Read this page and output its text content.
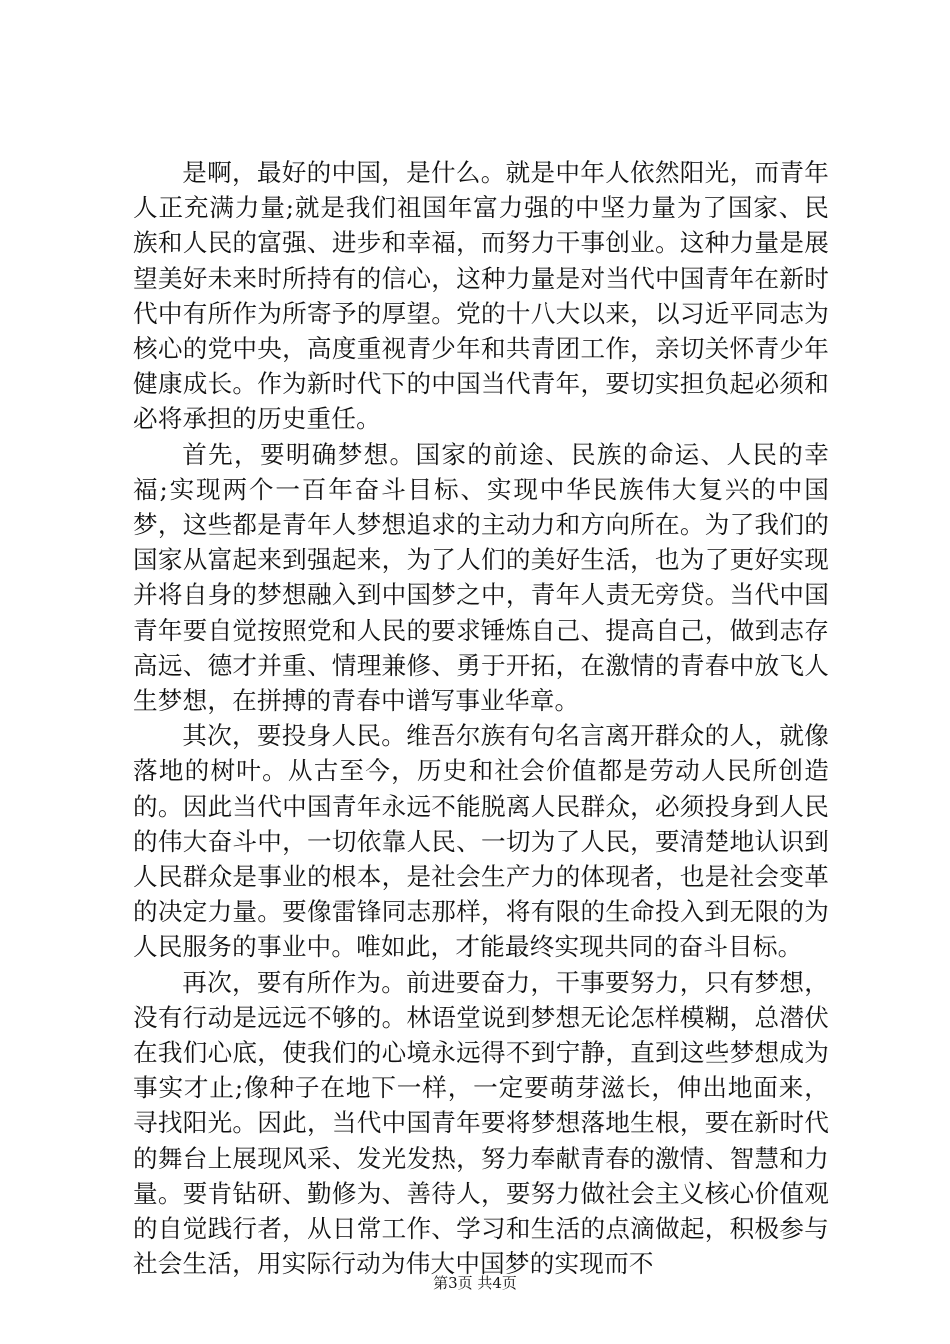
是啊，最好的中国，是什么。就是中年人依然阳光，而青年人正充满力量;就是我们祖国年富力强的中坚力量为了国家、民族和人民的富强、进步和幸福，而努力干事创业。这种力量是展望美好未来时所持有的信心，这种力量是对当代中国青年在新时代中有所作为所寄予的厚望。党的十八大以来，以习近平同志为核心的党中央，高度重视青少年和共青团工作，亲切关怀青少年健康成长。作为新时代下的中国当代青年，要切实担负起必须和必将承担的历史重任。

首先，要明确梦想。国家的前途、民族的命运、人民的幸福;实现两个一百年奋斗目标、实现中华民族伟大复兴的中国梦，这些都是青年人梦想追求的主动力和方向所在。为了我们的国家从富起来到强起来，为了人们的美好生活，也为了更好实现并将自身的梦想融入到中国梦之中，青年人责无旁贷。当代中国青年要自觉按照党和人民的要求锤炼自己、提高自己，做到志存高远、德才并重、情理兼修、勇于开拓，在激情的青春中放飞人生梦想，在拼搏的青春中谱写事业华章。

其次，要投身人民。维吾尔族有句名言离开群众的人，就像落地的树叶。从古至今，历史和社会价值都是劳动人民所创造的。因此当代中国青年永远不能脱离人民群众，必须投身到人民的伟大奋斗中，一切依靠人民、一切为了人民，要清楚地认识到人民群众是事业的根本，是社会生产力的体现者，也是社会变革的决定力量。要像雷锋同志那样，将有限的生命投入到无限的为人民服务的事业中。唯如此，才能最终实现共同的奋斗目标。

再次，要有所作为。前进要奋力，干事要努力，只有梦想，没有行动是远远不够的。林语堂说到梦想无论怎样模糊，总潜伏在我们心底，使我们的心境永远得不到宁静，直到这些梦想成为事实才止;像种子在地下一样，一定要萌芽滋长，伸出地面来，寻找阳光。因此，当代中国青年要将梦想落地生根，要在新时代的舞台上展现风采、发光发热，努力奉献青春的激情、智慧和力量。要肯钻研、勤修为、善待人，要努力做社会主义核心价值观的自觉践行者，从日常工作、学习和生活的点滴做起，积极参与社会生活，用实际行动为伟大中国梦的实现而不

第3页 共4页
